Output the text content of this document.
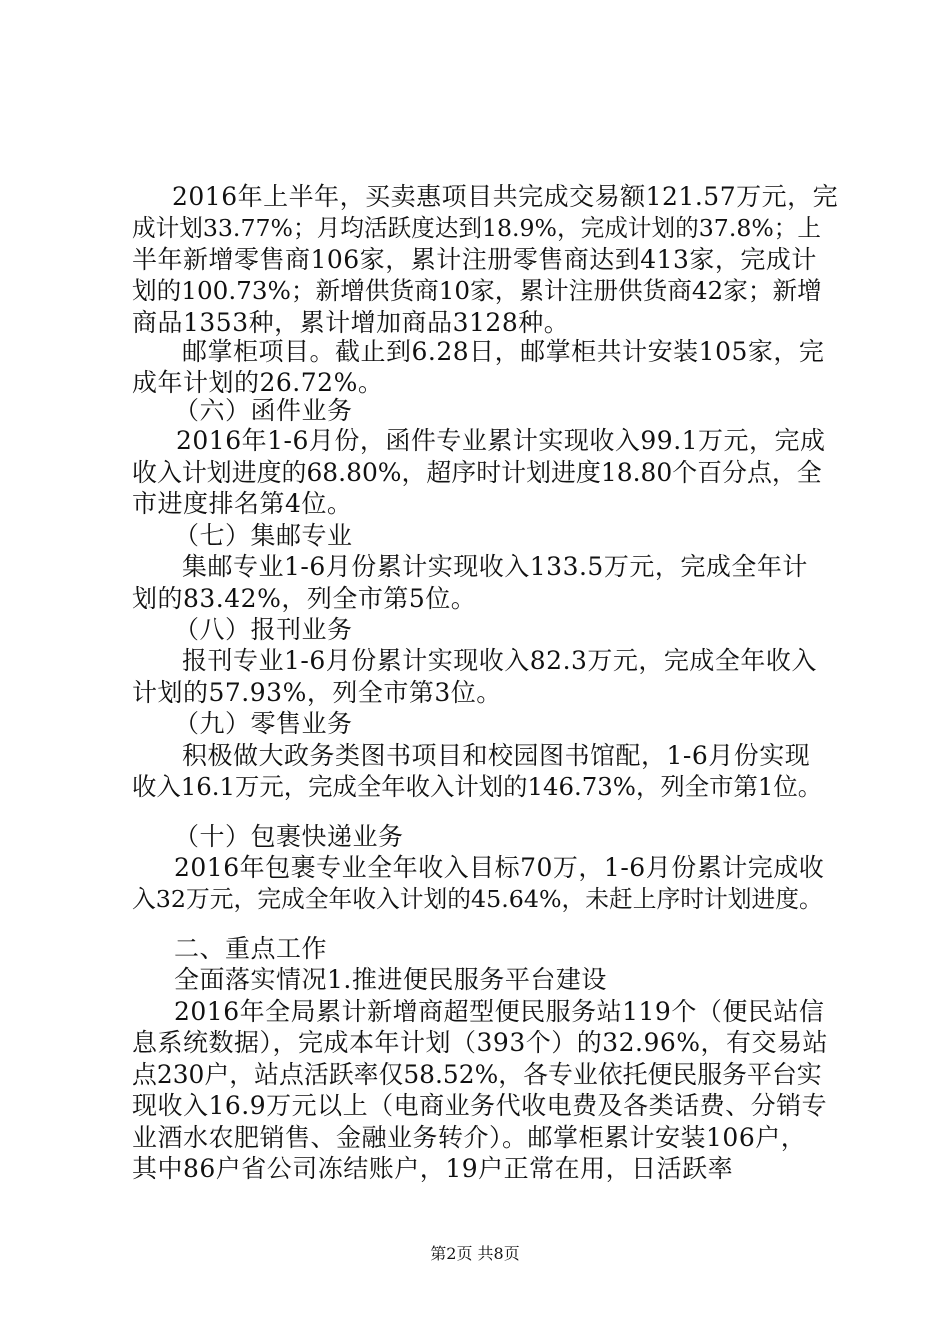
2016年上半年，买卖惠项目共完成交易额121.57万元，完
成计划33.77%；月均活跃度达到18.9%，完成计划的37.8%；上
半年新增零售商106家，累计注册零售商达到413家，完成计
划的100.73%；新增供货商10家，累计注册供货商42家；新增
商品1353种，累计增加商品3128种。
邮掌柜项目。截止到6.28日，邮掌柜共计安装105家，完
成年计划的26.72%。
（六）函件业务
2016年1-6月份，函件专业累计实现收入99.1万元，完成
收入计划进度的68.80%，超序时计划进度18.80个百分点，全
市进度排名第4位。
（七）集邮专业
集邮专业1-6月份累计实现收入133.5万元，完成全年计
划的83.42%，列全市第5位。
（八）报刊业务
报刊专业1-6月份累计实现收入82.3万元，完成全年收入
计划的57.93%，列全市第3位。
（九）零售业务
积极做大政务类图书项目和校园图书馆配，1-6月份实现
收入16.1万元，完成全年收入计划的146.73%，列全市第1位。
（十）包裹快递业务
2016年包裹专业全年收入目标70万，1-6月份累计完成收
入32万元，完成全年收入计划的45.64%，未赶上序时计划进度。
二、重点工作
全面落实情况1.推进便民服务平台建设
2016年全局累计新增商超型便民服务站119个（便民站信
息系统数据），完成本年计划（393个）的32.96%，有交易站
点230户，站点活跃率仅58.52%，各专业依托便民服务平台实
现收入16.9万元以上（电商业务代收电费及各类话费、分销专
业酒水农肥销售、金融业务转介）。邮掌柜累计安装106户，
其中86户省公司冻结账户，19户正常在用，日活跃率
第2页 共8页
